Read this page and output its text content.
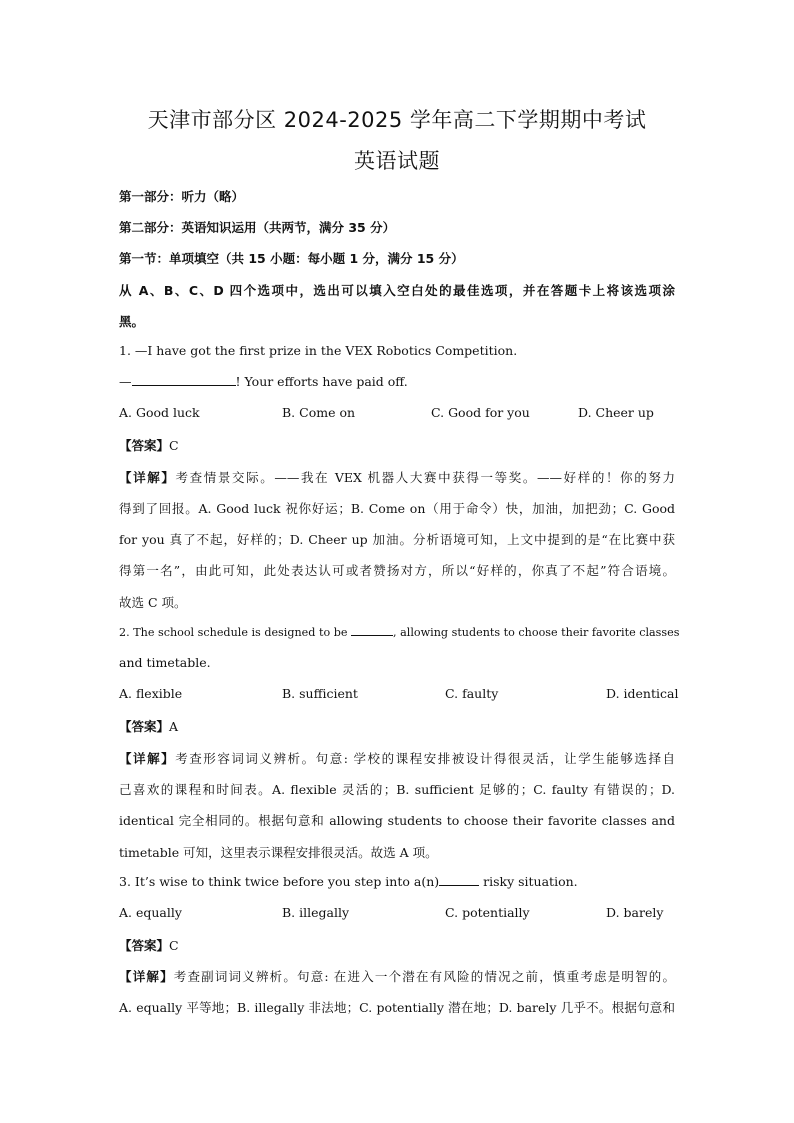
天津市部分区 2024-2025 学年高二下学期期中考试
英语试题
第一部分：听力（略）
第二部分：英语知识运用（共两节，满分 35 分）
第一节：单项填空（共 15 小题：每小题 1 分，满分 15 分）
从 A、B、C、D 四个选项中，选出可以填入空白处的最佳选项，并在答题卡上将该选项涂
黑。
1. —I have got the first prize in the VEX Robotics Competition.
—	! Your efforts have paid off.
A. Good luck	B. Come on	C. Good for you	D. Cheer up
【答案】C
【详解】考查情景交际。——我在 VEX 机器人大赛中获得一等奖。——好样的！你的努力
得到了回报。A. Good luck 祝你好运；B. Come on（用于命令）快，加油，加把劲；C. Good
for you 真了不起，好样的；D. Cheer up 加油。分析语境可知，上文中提到的是“在比赛中获
得第一名”，由此可知，此处表达认可或者赞扬对方，所以“好样的，你真了不起”符合语境。
故选 C 项。
2. The school schedule is designed to be	, allowing students to choose their favorite classes
and timetable.
A. flexible	B. sufficient	C. faulty	D. identical
【答案】A
【详解】考查形容词词义辨析。句意: 学校的课程安排被设计得很灵活，让学生能够选择自
己喜欢的课程和时间表。A. flexible 灵活的；B. sufficient 足够的；C. faulty 有错误的；D.
identical 完全相同的。根据句意和 allowing students to choose their favorite classes and
timetable 可知，这里表示课程安排很灵活。故选 A 项。
3. It’s wise to think twice before you step into a(n)	risky situation.
A. equally	B. illegally	C. potentially	D. barely
【答案】C
【详解】考查副词词义辨析。句意: 在进入一个潜在有风险的情况之前，慎重考虑是明智的。
A. equally 平等地；B. illegally 非法地；C. potentially 潜在地；D. barely 几乎不。根据句意和
